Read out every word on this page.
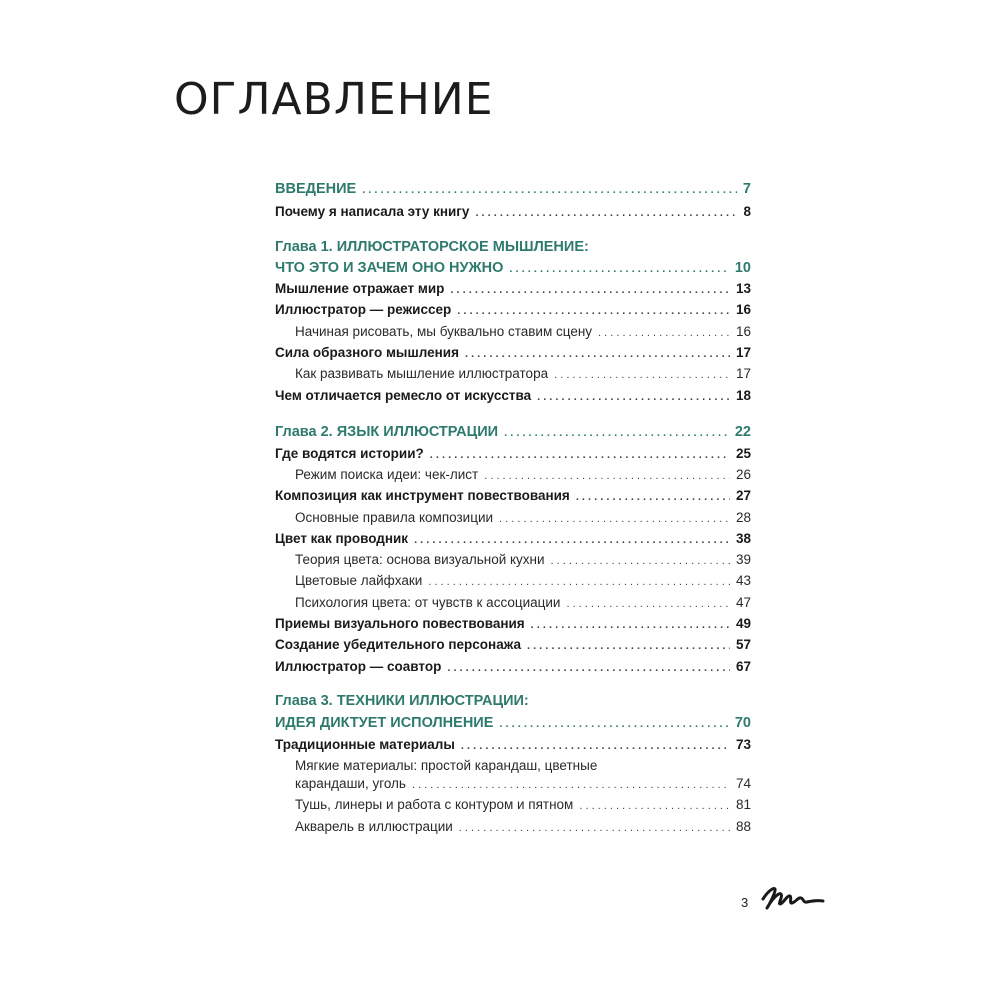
ОГЛАВЛЕНИЕ
ВВЕДЕНИЕ . . .	7
Почему я написала эту книгу . . .	8
Глава 1. ИЛЛЮСТРАТОРСКОЕ МЫШЛЕНИЕ:
ЧТО ЭТО И ЗАЧЕМ ОНО НУЖНО . . .	10
Мышление отражает мир . . .	13
Иллюстратор — режиссер . . .	16
Начиная рисовать, мы буквально ставим сцену . . .	16
Сила образного мышления . . .	17
Как развивать мышление иллюстратора . . .	17
Чем отличается ремесло от искусства . . .	18
Глава 2. ЯЗЫК ИЛЛЮСТРАЦИИ . . .	22
Где водятся истории? . . .	25
Режим поиска идеи: чек-лист . . .	26
Композиция как инструмент повествования . . .	27
Основные правила композиции . . .	28
Цвет как проводник . . .	38
Теория цвета: основа визуальной кухни . . .	39
Цветовые лайфхаки . . .	43
Психология цвета: от чувств к ассоциации . . .	47
Приемы визуального повествования . . .	49
Создание убедительного персонажа . . .	57
Иллюстратор — соавтор . . .	67
Глава 3. ТЕХНИКИ ИЛЛЮСТРАЦИИ:
ИДЕЯ ДИКТУЕТ ИСПОЛНЕНИЕ . . .	70
Традиционные материалы . . .	73
Мягкие материалы: простой карандаш, цветные
карандаши, уголь . . .	74
Тушь, линеры и работа с контуром и пятном . . .	81
Акварель в иллюстрации . . .	88
3
